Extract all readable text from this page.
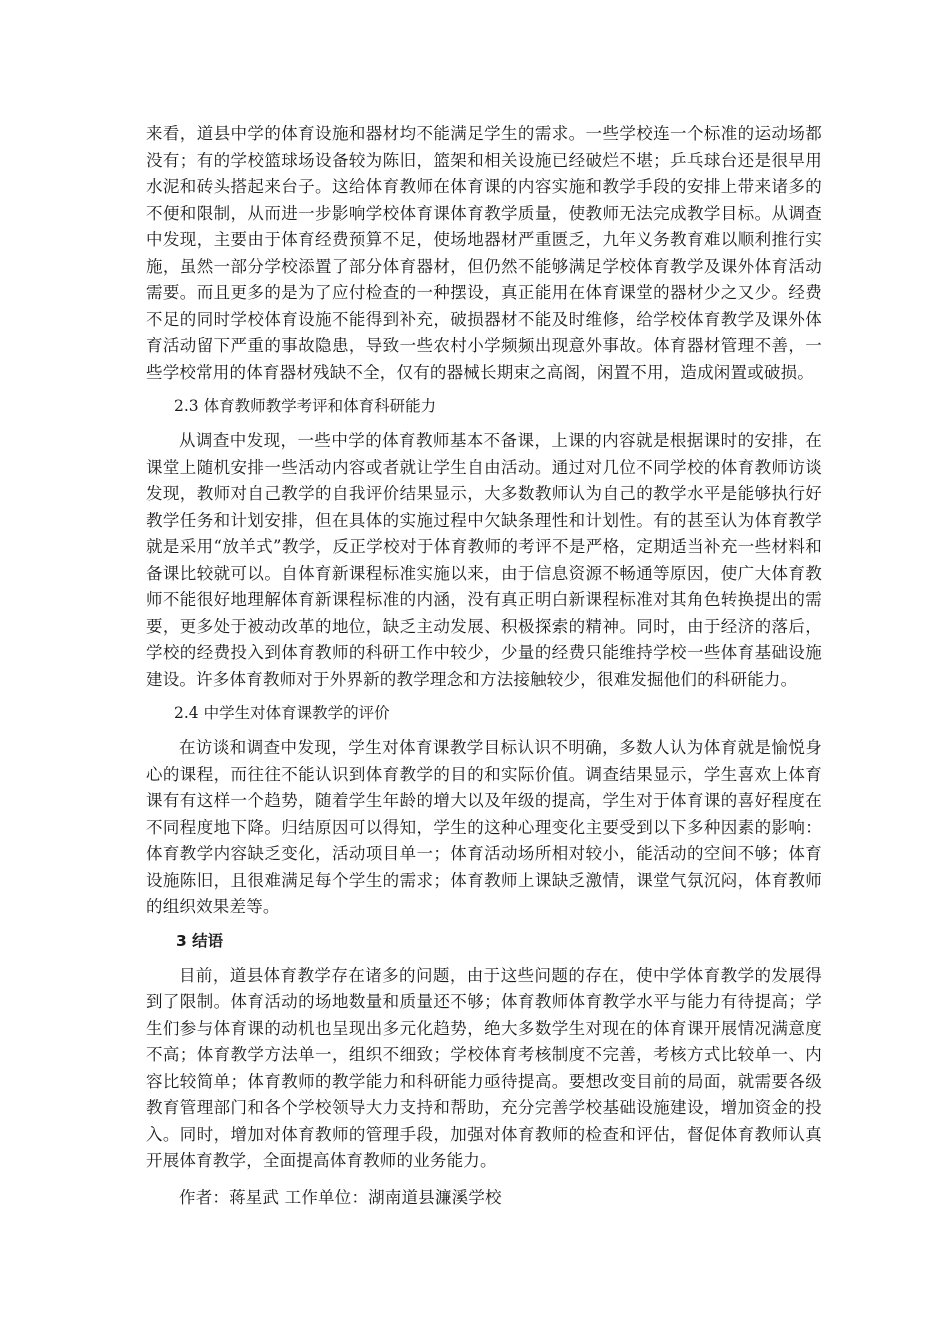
来看，道县中学的体育设施和器材均不能满足学生的需求。一些学校连一个标准的运动场都没有；有的学校篮球场设备较为陈旧，篮架和相关设施已经破烂不堪；乒乓球台还是很早用水泥和砖头搭起来台子。这给体育教师在体育课的内容实施和教学手段的安排上带来诸多的不便和限制，从而进一步影响学校体育课体育教学质量，使教师无法完成教学目标。从调查中发现，主要由于体育经费预算不足，使场地器材严重匮乏，九年义务教育难以顺利推行实施，虽然一部分学校添置了部分体育器材，但仍然不能够满足学校体育教学及课外体育活动需要。而且更多的是为了应付检查的一种摆设，真正能用在体育课堂的器材少之又少。经费不足的同时学校体育设施不能得到补充，破损器材不能及时维修，给学校体育教学及课外体育活动留下严重的事故隐患，导致一些农村小学频频出现意外事故。体育器材管理不善，一些学校常用的体育器材残缺不全，仅有的器械长期束之高阁，闲置不用，造成闲置或破损。

2.3 体育教师教学考评和体育科研能力

从调查中发现，一些中学的体育教师基本不备课，上课的内容就是根据课时的安排，在课堂上随机安排一些活动内容或者就让学生自由活动。通过对几位不同学校的体育教师访谈发现，教师对自己教学的自我评价结果显示，大多数教师认为自己的教学水平是能够执行好教学任务和计划安排，但在具体的实施过程中欠缺条理性和计划性。有的甚至认为体育教学就是采用“放羊式”教学，反正学校对于体育教师的考评不是严格，定期适当补充一些材料和备课比较就可以。自体育新课程标准实施以来，由于信息资源不畅通等原因，使广大体育教师不能很好地理解体育新课程标准的内涵，没有真正明白新课程标准对其角色转换提出的需要，更多处于被动改革的地位，缺乏主动发展、积极探索的精神。同时，由于经济的落后，学校的经费投入到体育教师的科研工作中较少，少量的经费只能维持学校一些体育基础设施建设。许多体育教师对于外界新的教学理念和方法接触较少，很难发掘他们的科研能力。

2.4 中学生对体育课教学的评价

在访谈和调查中发现，学生对体育课教学目标认识不明确，多数人认为体育就是愉悦身心的课程，而往往不能认识到体育教学的目的和实际价值。调查结果显示，学生喜欢上体育课有有这样一个趋势，随着学生年龄的增大以及年级的提高，学生对于体育课的喜好程度在不同程度地下降。归结原因可以得知，学生的这种心理变化主要受到以下多种因素的影响：体育教学内容缺乏变化，活动项目单一；体育活动场所相对较小，能活动的空间不够；体育设施陈旧，且很难满足每个学生的需求；体育教师上课缺乏激情，课堂气氛沉闷，体育教师的组织效果差等。

3 结语

目前，道县体育教学存在诸多的问题，由于这些问题的存在，使中学体育教学的发展得到了限制。体育活动的场地数量和质量还不够；体育教师体育教学水平与能力有待提高；学生们参与体育课的动机也呈现出多元化趋势，绝大多数学生对现在的体育课开展情况满意度不高；体育教学方法单一，组织不细致；学校体育考核制度不完善，考核方式比较单一、内容比较简单；体育教师的教学能力和科研能力亟待提高。要想改变目前的局面，就需要各级教育管理部门和各个学校领导大力支持和帮助，充分完善学校基础设施建设，增加资金的投入。同时，增加对体育教师的管理手段，加强对体育教师的检查和评估，督促体育教师认真开展体育教学，全面提高体育教师的业务能力。

作者：蒋星武 工作单位：湖南道县濂溪学校
